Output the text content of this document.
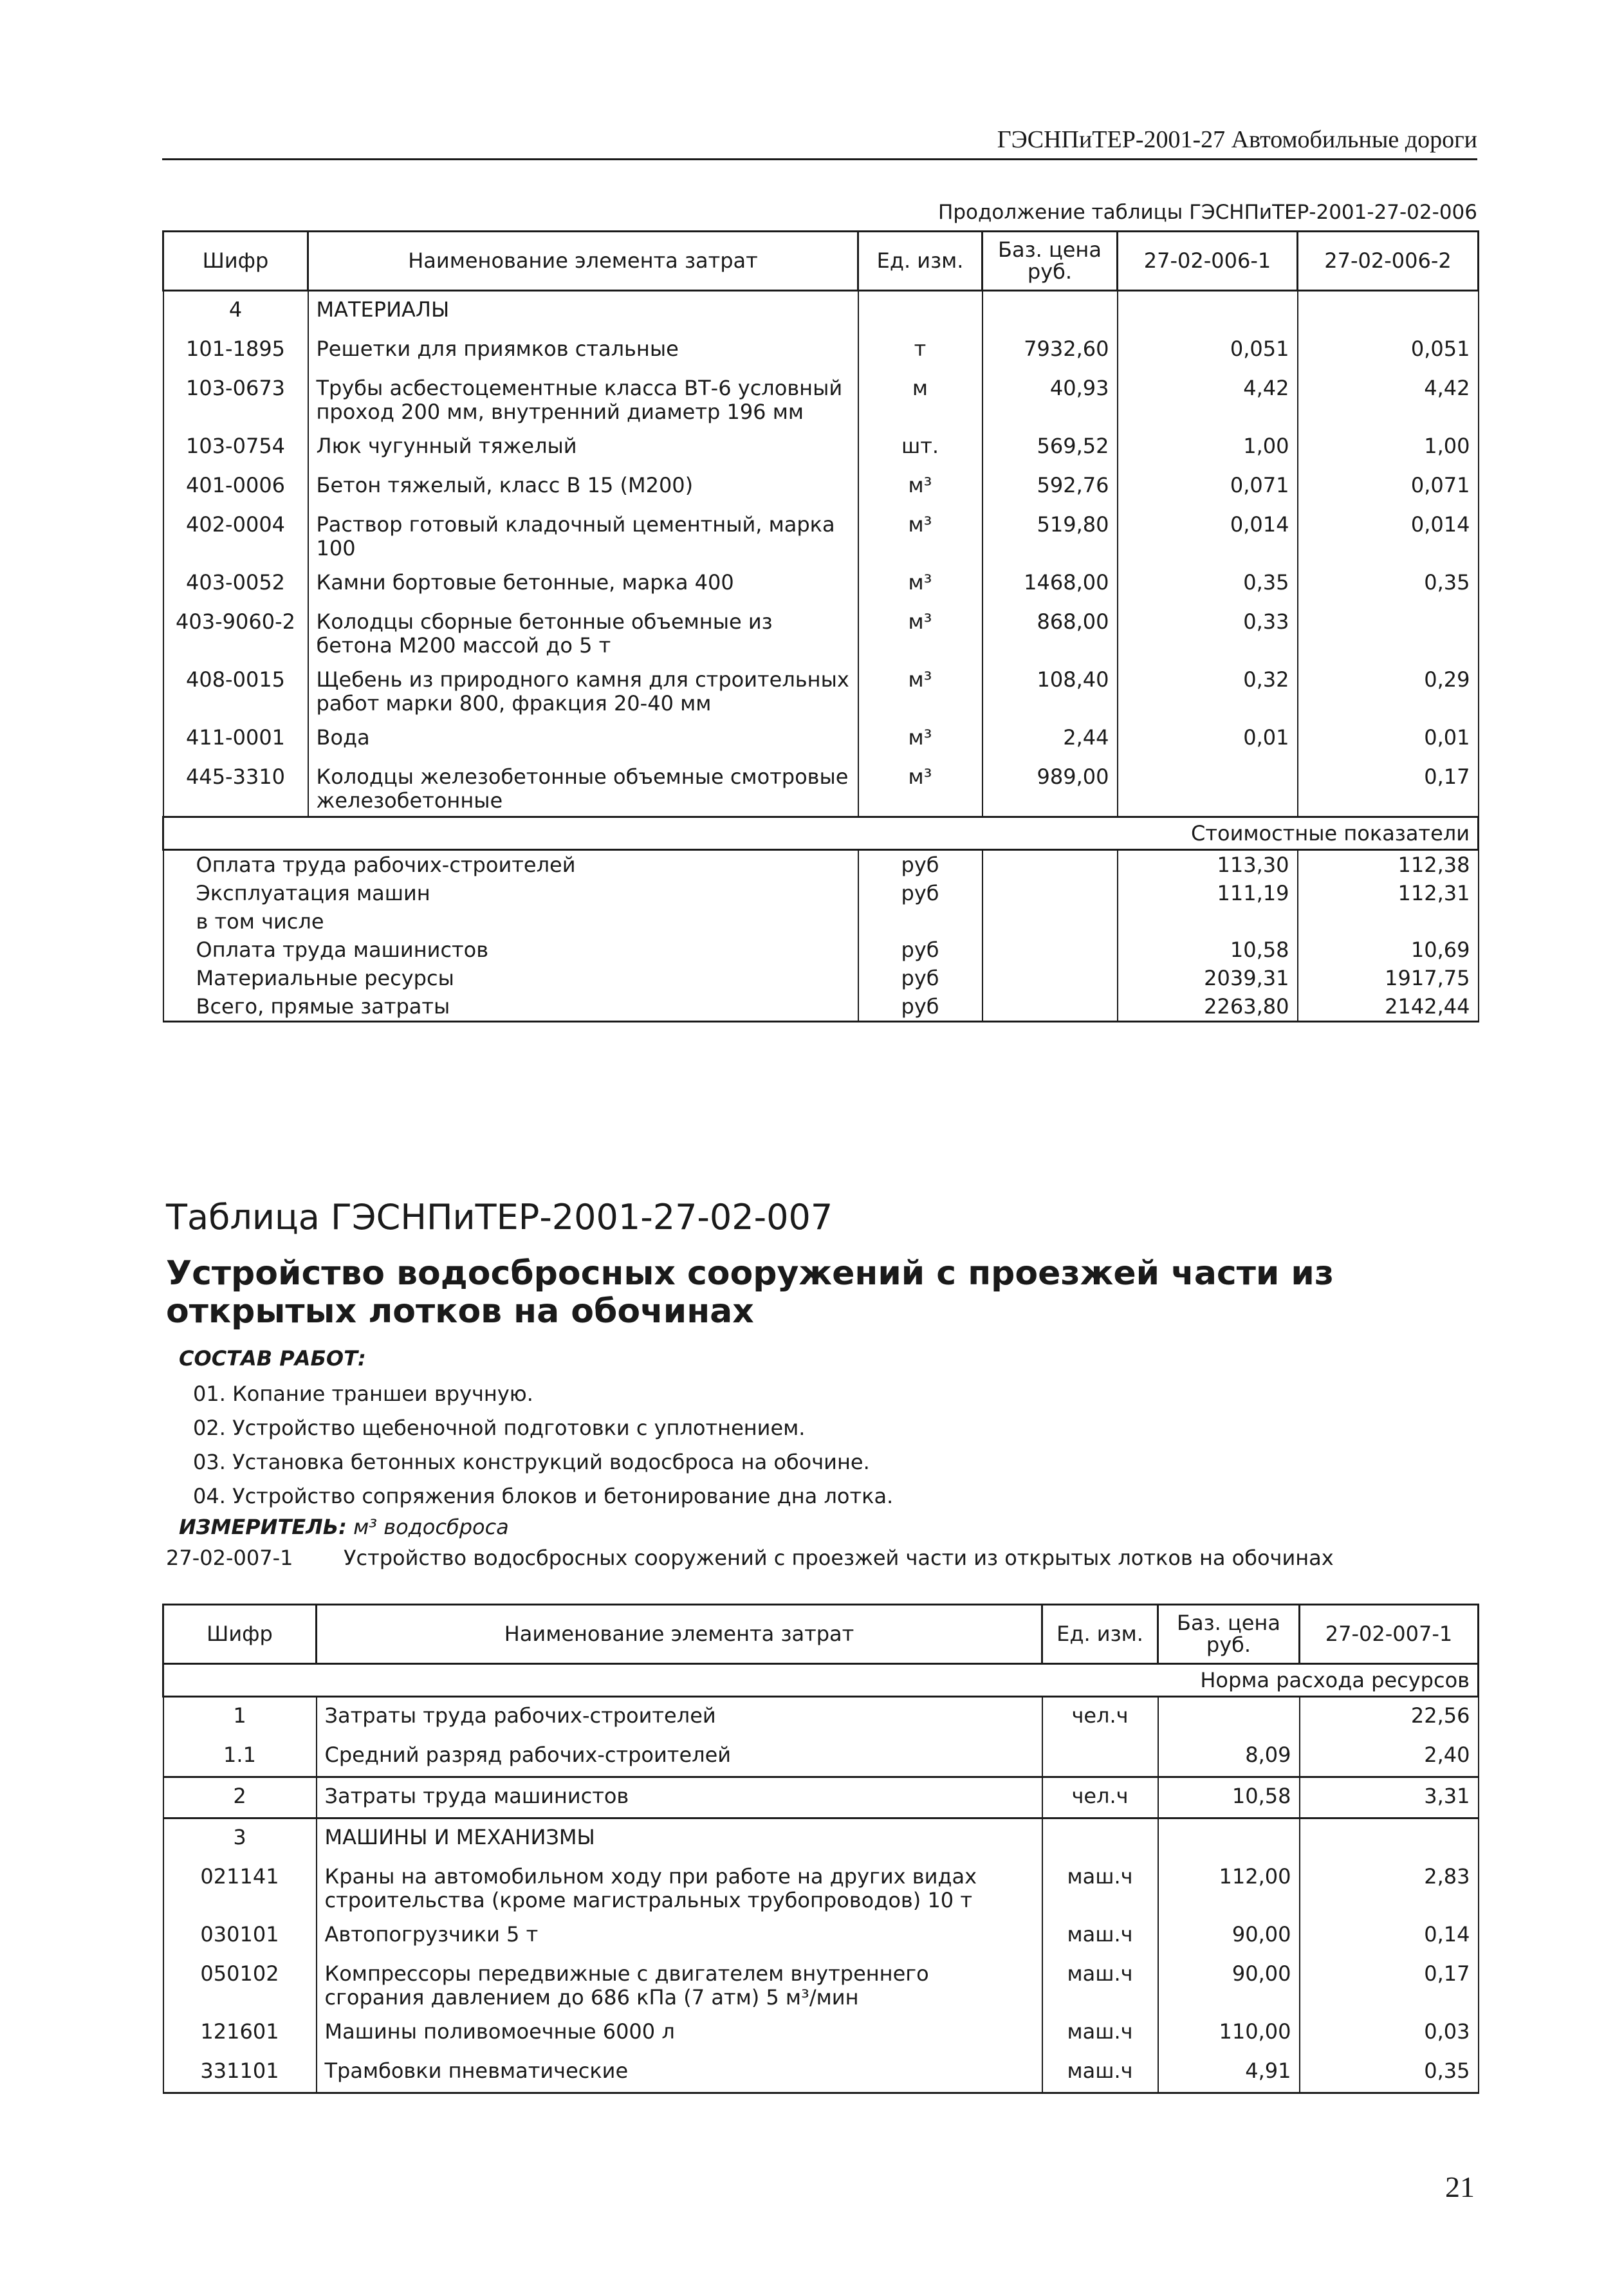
ГЭСНПиТЕР-2001-27 Автомобильные дороги
Продолжение таблицы ГЭСНПиТЕР-2001-27-02-006
Шифр	Наименование элемента затрат	Ед. изм.	Баз. цена руб.	27-02-006-1	27-02-006-2
4	МАТЕРИАЛЫ				
101-1895	Решетки для приямков стальные	т	7932,60	0,051	0,051
103-0673	Трубы асбестоцементные класса ВТ-6 условный проход 200 мм, внутренний диаметр 196 мм	м	40,93	4,42	4,42
103-0754	Люк чугунный тяжелый	шт.	569,52	1,00	1,00
401-0006	Бетон тяжелый, класс В 15 (М200)	м³	592,76	0,071	0,071
402-0004	Раствор готовый кладочный цементный, марка 100	м³	519,80	0,014	0,014
403-0052	Камни бортовые бетонные, марка 400	м³	1468,00	0,35	0,35
403-9060-2	Колодцы сборные бетонные объемные из бетона М200 массой до 5 т	м³	868,00	0,33	
408-0015	Щебень из природного камня для строительных работ марки 800, фракция 20-40 мм	м³	108,40	0,32	0,29
411-0001	Вода	м³	2,44	0,01	0,01
445-3310	Колодцы железобетонные объемные смотровые железобетонные	м³	989,00		0,17
Стоимостные показатели					
Оплата труда рабочих-строителей		руб		113,30	112,38
Эксплуатация машин		руб		111,19	112,31
в том числе					
Оплата труда машинистов		руб		10,58	10,69
Материальные ресурсы		руб		2039,31	1917,75
Всего, прямые затраты		руб		2263,80	2142,44
Таблица ГЭСНПиТЕР-2001-27-02-007
Устройство водосбросных сооружений с проезжей части из открытых лотков на обочинах
СОСТАВ РАБОТ:
01. Копание траншеи вручную.
02. Устройство щебеночной подготовки с уплотнением.
03. Установка бетонных конструкций водосброса на обочине.
04. Устройство сопряжения блоков и бетонирование дна лотка.
ИЗМЕРИТЕЛЬ: м³ водосброса
27-02-007-1 Устройство водосбросных сооружений с проезжей части из открытых лотков на обочинах
Шифр	Наименование элемента затрат	Ед. изм.	Баз. цена руб.	27-02-007-1
Норма расхода ресурсов				
1	Затраты труда рабочих-строителей	чел.ч		22,56
1.1	Средний разряд рабочих-строителей		8,09	2,40
2	Затраты труда машинистов	чел.ч	10,58	3,31
3	МАШИНЫ И МЕХАНИЗМЫ			
021141	Краны на автомобильном ходу при работе на других видах строительства (кроме магистральных трубопроводов) 10 т	маш.ч	112,00	2,83
030101	Автопогрузчики 5 т	маш.ч	90,00	0,14
050102	Компрессоры передвижные с двигателем внутреннего сгорания давлением до 686 кПа (7 атм) 5 м³/мин	маш.ч	90,00	0,17
121601	Машины поливомоечные 6000 л	маш.ч	110,00	0,03
331101	Трамбовки пневматические	маш.ч	4,91	0,35
21
